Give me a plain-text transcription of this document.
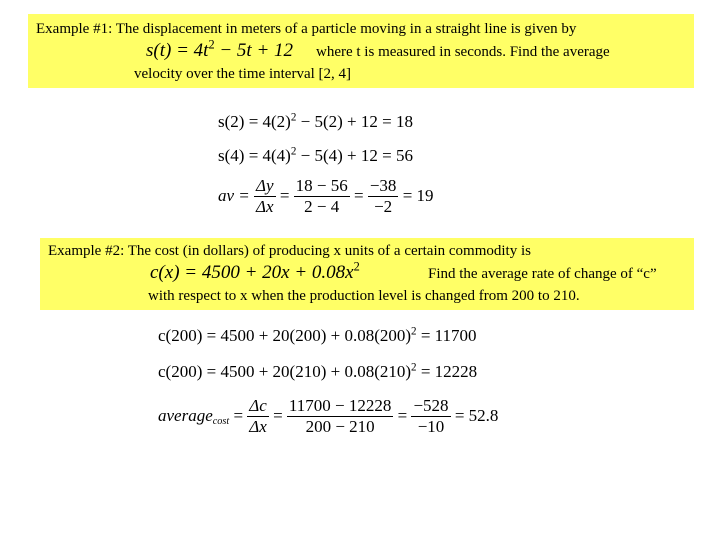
Example #1: The displacement in meters of a particle moving in a straight line is given by
$s(t) = 4t^2 - 5t + 12$ where t is measured in seconds. Find the average
velocity over the time interval [2, 4]
$s(2) = 4(2)^2 - 5(2) + 12 = 18$
$s(4) = 4(4)^2 - 5(4) + 12 = 56$
av = $\frac{\Delta y}{\Delta x} = \frac{18 - 56}{2 - 4} = \frac{-38}{-2} = 19$
Example #2: The cost (in dollars) of producing x units of a certain commodity is
$c(x) = 4500 + 20x + 0.08x^2$	Find the average rate of change of “c”
with respect to x when the production level is changed from 200 to 210.
$c(200) = 4500 + 20(200) + 0.08(200)^2 = 11700$
$c(200) = 4500 + 20(210) + 0.08(210)^2 = 12228$
average$_{cost}$ = $\frac{\Delta c}{\Delta x} = \frac{11700 - 12228}{200 - 210} = \frac{-528}{-10} = 52.8$
